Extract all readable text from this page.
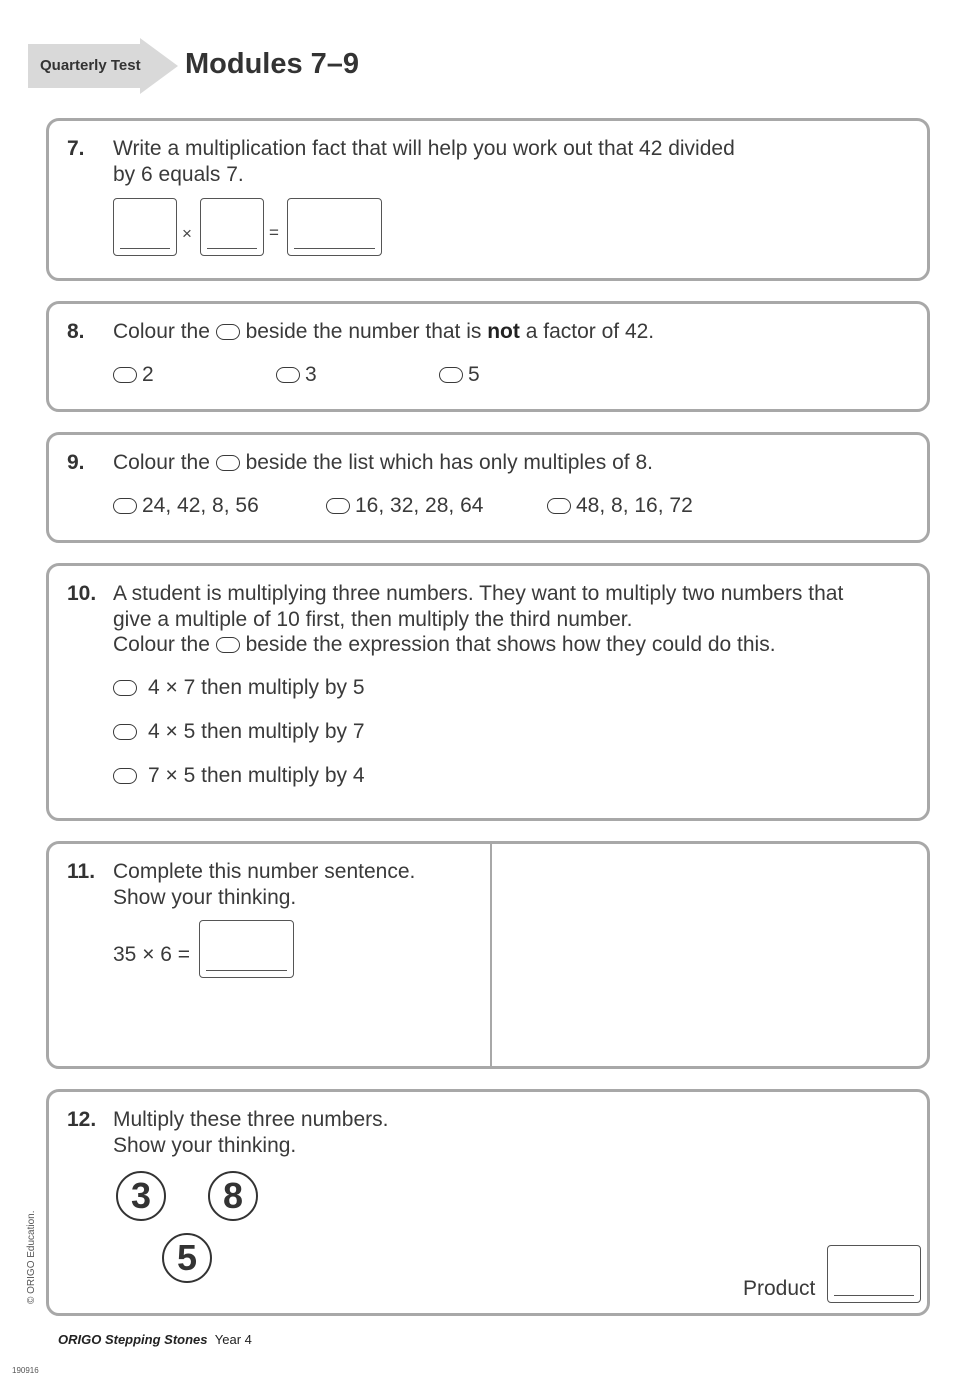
Quarterly Test Modules 7–9
7. Write a multiplication fact that will help you work out that 42 divided
by 6 equals 7.
×	=
8. Colour the beside the number that is not a factor of 42.
2	3	5
9. Colour the beside the list which has only multiples of 8.
24, 42, 8, 56	16, 32, 28, 64	48, 8, 16, 72
10. A student is multiplying three numbers. They want to multiply two numbers that
give a multiple of 10 first, then multiply the third number.
Colour the beside the expression that shows how they could do this.
4 × 7 then multiply by 5
4 × 5 then multiply by 7
7 × 5 then multiply by 4
11. Complete this number sentence.
Show your thinking.
35 × 6 =
12. Multiply these three numbers.
Show your thinking.
3	8
5
Product
© ORIGO Education.
ORIGO Stepping Stones Year 4
190916
